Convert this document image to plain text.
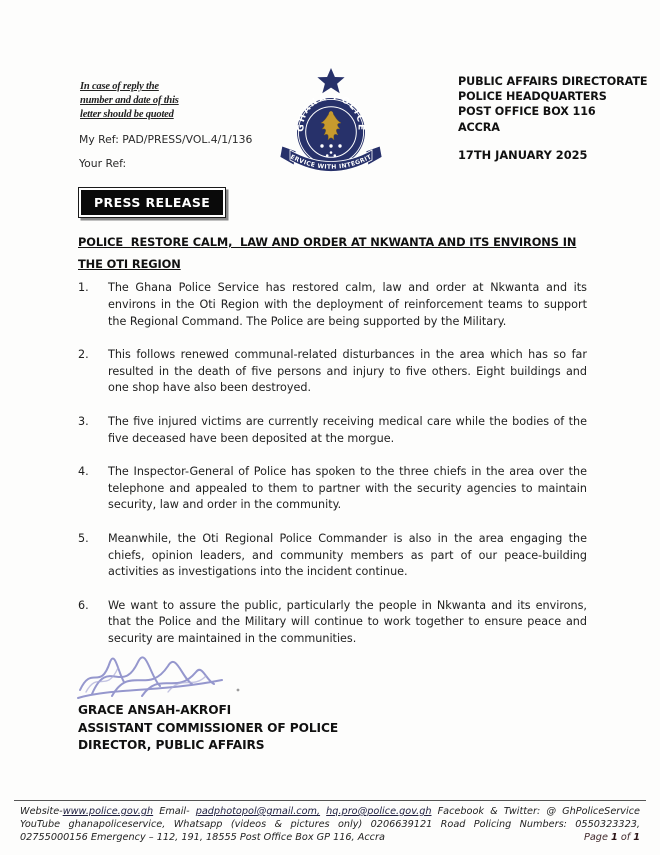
In case of reply the
number and date of this
letter should be quoted
My Ref: PAD/PRESS/VOL.4/1/136
Your Ref:
GHANA POLICE
ERVICE WITH INTEGRIT
PUBLIC AFFAIRS DIRECTORATE
POLICE HEADQUARTERS
POST OFFICE BOX 116
ACCRA
17TH JANUARY 2025
PRESS RELEASE
POLICE  RESTORE CALM,  LAW AND ORDER AT NKWANTA AND ITS ENVIRONS IN
THE OTI REGION
1.	The Ghana Police Service has restored calm, law and order at Nkwanta and its environs in the Oti Region with the deployment of reinforcement teams to support the Regional Command. The Police are being supported by the Military.
2.	This follows renewed communal-related disturbances in the area which has so far resulted in the death of five persons and injury to five others. Eight buildings and one shop have also been destroyed.
3.	The five injured victims are currently receiving medical care while the bodies of the five deceased have been deposited at the morgue.
4.	The Inspector-General of Police has spoken to the three chiefs in the area over the telephone and appealed to them to partner with the security agencies to maintain security, law and order in the community.
5.	Meanwhile, the Oti Regional Police Commander is also in the area engaging the chiefs, opinion leaders, and community members as part of our peace-building activities as investigations into the incident continue.
6.	We want to assure the public, particularly the people in Nkwanta and its environs, that the Police and the Military will continue to work together to ensure peace and security are maintained in the communities.
GRACE ANSAH-AKROFI
ASSISTANT COMMISSIONER OF POLICE
DIRECTOR, PUBLIC AFFAIRS
Website-www.police.gov.gh Email- padphotopol@gmail.com, hq.pro@police.gov.gh Facebook & Twitter: @ GhPoliceService YouTube ghanapoliceservice, Whatsapp (videos & pictures only) 0206639121 Road Policing Numbers: 0550323323, 02755000156 Emergency – 112, 191, 18555 Post Office Box GP 116, Accra	Page 1 of 1
